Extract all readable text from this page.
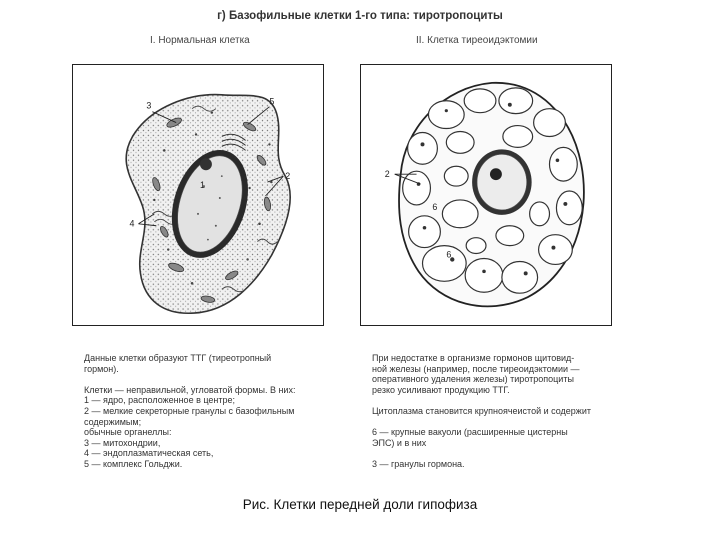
г) Базофильные клетки 1-го типа: тиротропоциты
I. Нормальная клетка	II. Клетка тиреоидэктомии
1
3	5
2
4
2
6
6

Данные клетки образуют ТТГ (тиреотропный

гормон).

Клетки — неправильной, угловатой формы. В них:

1 — ядро, расположенное в центре;

2 — мелкие секреторные гранулы с базофильным

содержимым;

обычные органеллы:

3 — митохондрии,

4 — эндоплазматическая сеть,

5 — комплекс Гольджи.

При недостатке в организме гормонов щитовид-

ной железы (например, после тиреоидэктомии —

оперативного удаления железы) тиротропоциты

резко усиливают продукцию ТТГ.

Цитоплазма становится крупноячеистой и содержит

6 — крупные вакуоли (расширенные цистерны

ЭПС) и в них

3 — гранулы гормона.

Рис. Клетки передней доли гипофиза
